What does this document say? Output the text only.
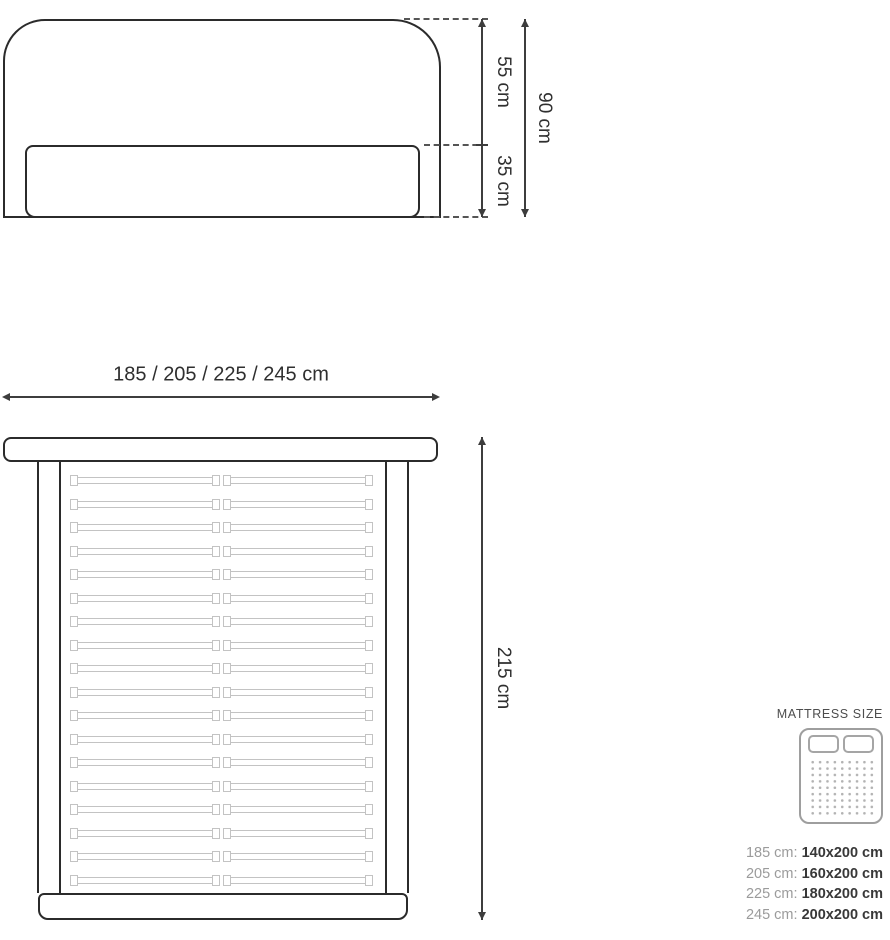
55 cm
35 cm
90 cm
185 / 205 / 225 / 245 cm
215 cm
MATTRESS SIZE
185 cm: 140x200 cm
205 cm: 160x200 cm
225 cm: 180x200 cm
245 cm: 200x200 cm
